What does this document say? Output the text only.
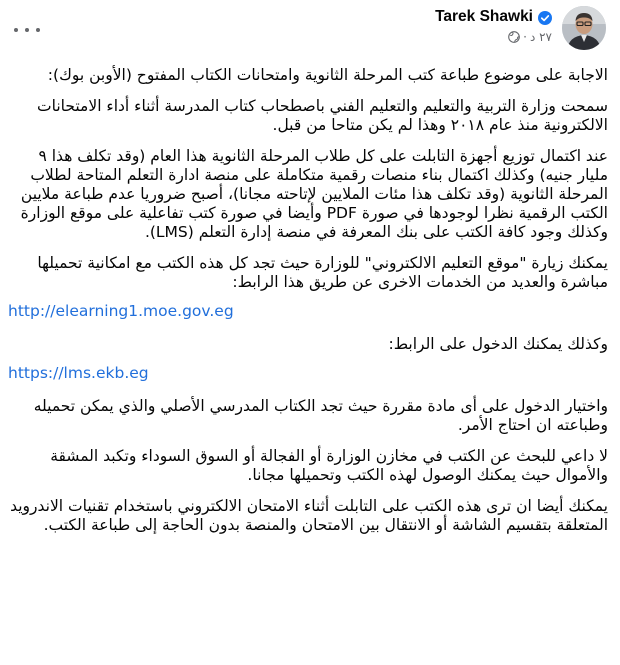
Tarek Shawki
· ٢٧ د

الاجابة على موضوع طباعة كتب المرحلة الثانوية وامتحانات الكتاب المفتوح (الأوبن بوك):

سمحت وزارة التربية والتعليم والتعليم الفني باصطحاب كتاب المدرسة أثناء أداء الامتحانات الالكترونية منذ عام ٢٠١٨ وهذا لم يكن متاحا من قبل.

عند اكتمال توزيع أجهزة التابلت على كل طلاب المرحلة الثانوية هذا العام (وقد تكلف هذا ٩ مليار جنيه) وكذلك اكتمال بناء منصات رقمية متكاملة على منصة ادارة التعلم المتاحة لطلاب المرحلة الثانوية (وقد تكلف هذا مئات الملايين لإتاحته مجانا)، أصبح ضروريا عدم طباعة ملايين الكتب الرقمية نظرا لوجودها في صورة PDF وأيضا في صورة كتب تفاعلية على موقع الوزارة وكذلك وجود كافة الكتب على بنك المعرفة في منصة إدارة التعلم (LMS).

يمكنك زيارة "موقع التعليم الالكتروني" للوزارة حيث تجد كل هذه الكتب مع امكانية تحميلها مباشرة والعديد من الخدمات الاخرى عن طريق هذا الرابط:

http://elearning1.moe.gov.eg

وكذلك يمكنك الدخول على الرابط:

https://lms.ekb.eg

واختيار الدخول على أى مادة مقررة حيث تجد الكتاب المدرسي الأصلي والذي يمكن تحميله وطباعته ان احتاج الأمر.

لا داعي للبحث عن الكتب في مخازن الوزارة أو الفجالة أو السوق السوداء وتكبد المشقة والأموال حيث يمكنك الوصول لهذه الكتب وتحميلها مجانا.

يمكنك أيضا ان ترى هذه الكتب على التابلت أثناء الامتحان الالكتروني باستخدام تقنيات الاندرويد المتعلقة بتقسيم الشاشة أو الانتقال بين الامتحان والمنصة بدون الحاجة إلى طباعة الكتب.
